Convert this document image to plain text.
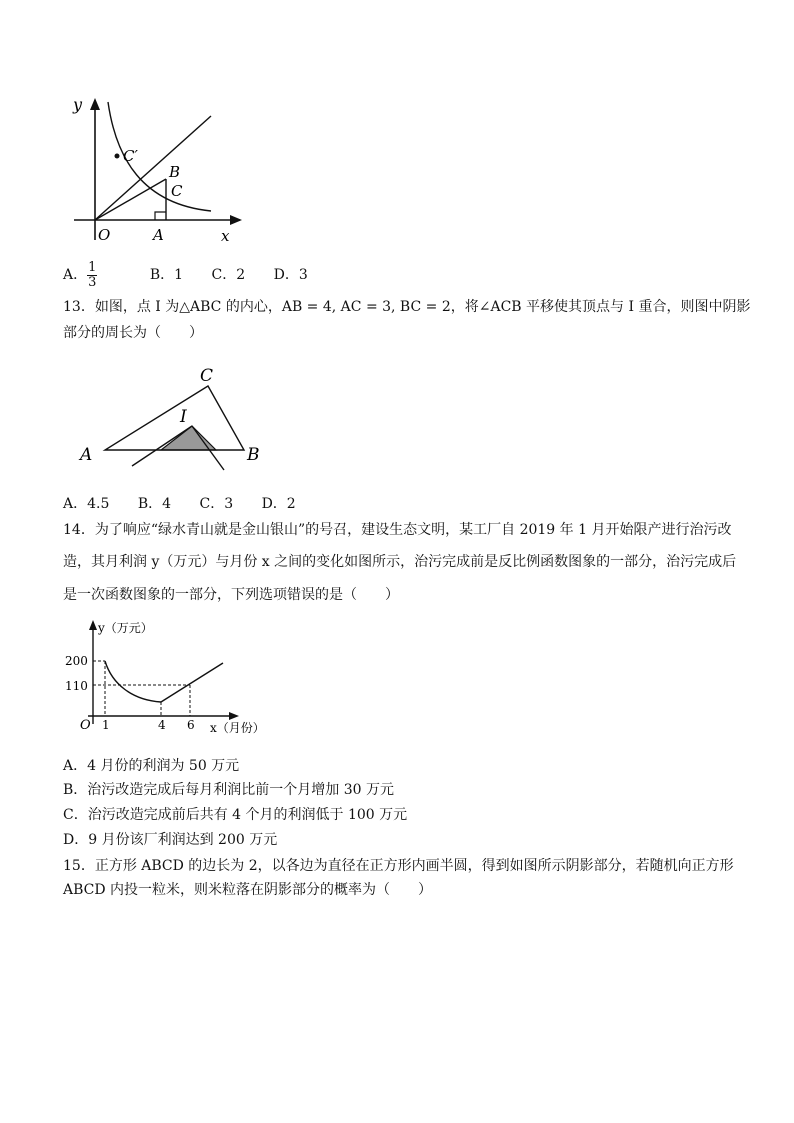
y
C′
B
C
O	A	x
A． $\frac{1}{3}$ B．1 C．2 D．3
13．如图，点 I 为△ABC 的内心，AB = 4, AC = 3, BC = 2，将∠ACB 平移使其顶点与 I 重合，则图中阴影
部分的周长为（　　）
C
I
A	B
A．4.5 B．4 C．3 D．2
14．为了响应“绿水青山就是金山银山”的号召，建设生态文明，某工厂自 2019 年 1 月开始限产进行治污改
造，其月利润 y（万元）与月份 x 之间的变化如图所示，治污完成前是反比例函数图象的一部分，治污完成后
是一次函数图象的一部分，下列选项错误的是（　　）
y（万元）
200
110
O 1	4 6 x（月份）
A．4 月份的利润为 50 万元
B．治污改造完成后每月利润比前一个月增加 30 万元
C．治污改造完成前后共有 4 个月的利润低于 100 万元
D．9 月份该厂利润达到 200 万元
15．正方形 ABCD 的边长为 2，以各边为直径在正方形内画半圆，得到如图所示阴影部分，若随机向正方形
ABCD 内投一粒米，则米粒落在阴影部分的概率为（　　）
